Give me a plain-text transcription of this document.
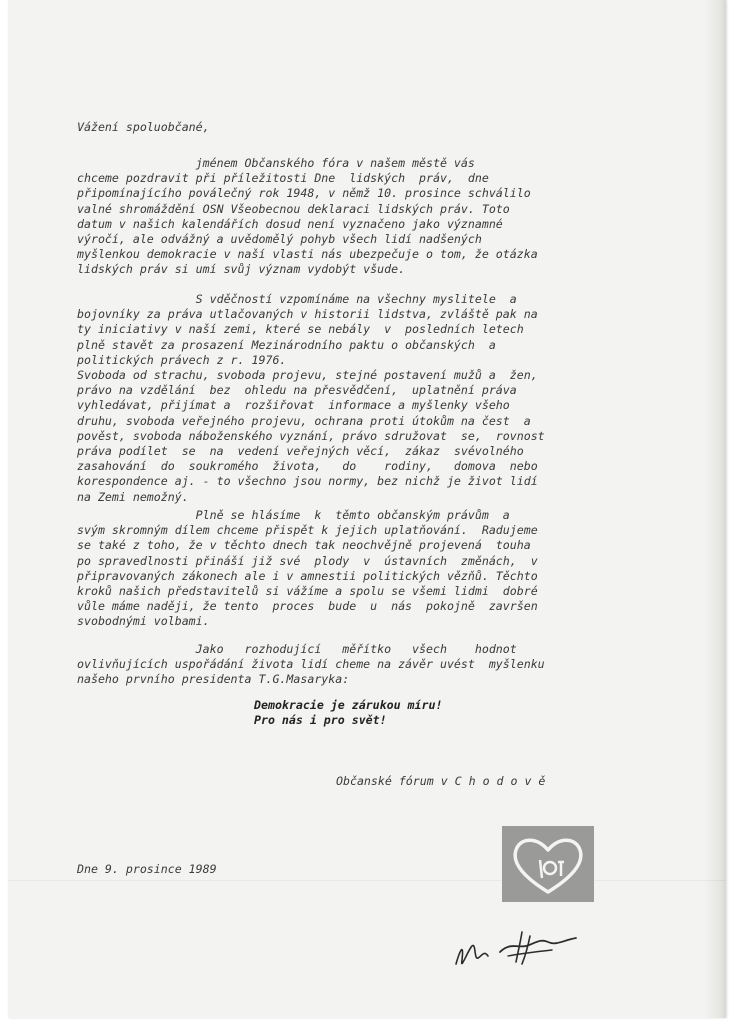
Vážení spoluobčané,

jménem Občanského fóra v našem městě vás
chceme pozdravit při příležitosti Dne  lidských  práv,  dne
připomínajícího poválečný rok 1948, v němž 10. prosince schválilo
valné shromáždění OSN Všeobecnou deklaraci lidských práv. Toto
datum v našich kalendářích dosud není vyznačeno jako významné
výročí, ale odvážný a uvědomělý pohyb všech lidí nadšených
myšlenkou demokracie v naší vlasti nás ubezpečuje o tom, že otázka
lidských práv si umí svůj význam vydobýt všude.

S vděčností vzpomínáme na všechny myslitele  a
bojovníky za práva utlačovaných v historii lidstva, zvláště pak na
ty iniciativy v naší zemi, které se nebály  v  posledních letech
plně stavět za prosazení Mezinárodního paktu o občanských  a
politických právech z r. 1976.
Svoboda od strachu, svoboda projevu, stejné postavení mužů a  žen,
právo na vzdělání  bez  ohledu na přesvědčení,  uplatnění práva
vyhledávat, přijímat a  rozšiřovat  informace a myšlenky všeho
druhu, svoboda veřejného projevu, ochrana proti útokům na čest  a
pověst, svoboda náboženského vyznání, právo sdružovat  se,  rovnost
práva podílet  se  na  vedení veřejných věcí,  zákaz  svévolného
zasahování  do  soukromého  života,   do    rodiny,   domova  nebo
korespondence aj. - to všechno jsou normy, bez nichž je život lidí
na Zemi nemožný.

Plně se hlásíme  k  těmto občanským právům  a
svým skromným dílem chceme přispět k jejich uplatňování.  Radujeme
se také z toho, že v těchto dnech tak neochvějně projevená  touha
po spravedlnosti přináší již své  plody  v  ústavních  změnách,  v
připravovaných zákonech ale i v amnestii politických vězňů. Těchto
kroků našich představitelů si vážíme a spolu se všemi lidmi  dobré
vůle máme naději, že tento  proces  bude  u  nás  pokojně  završen
svobodnými volbami.

Jako   rozhodující   měřítko   všech    hodnot
ovlivňujících uspořádání života lidí cheme na závěr uvést  myšlenku
našeho prvního presidenta T.G.Masaryka:

Demokracie je zárukou míru!
Pro nás i pro svět!

Občanské fórum v C h o d o v ě

Dne 9. prosince 1989
